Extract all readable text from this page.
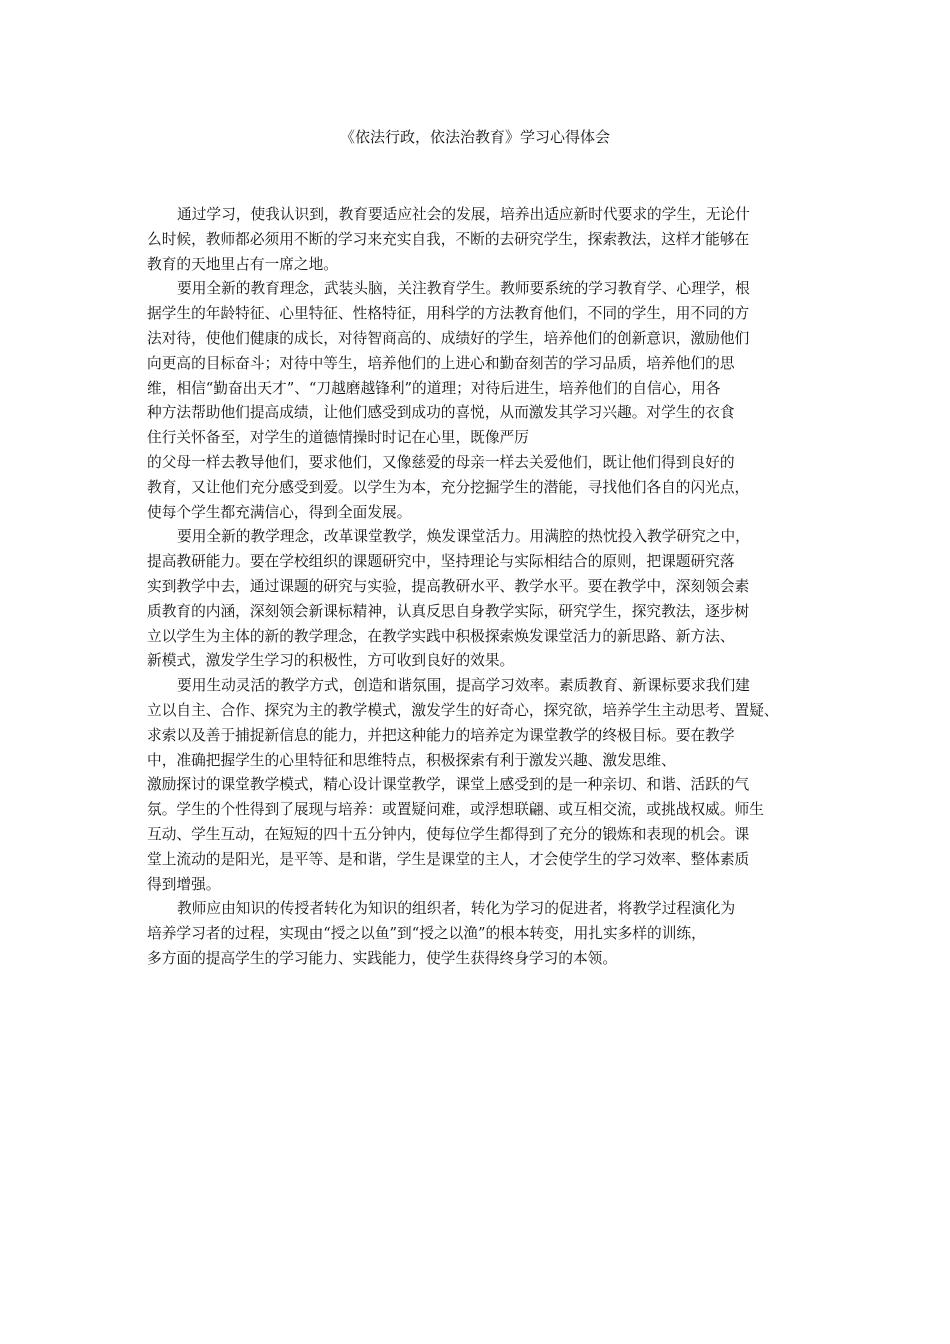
《依法行政，依法治教育》学习心得体会
通过学习，使我认识到，教育要适应社会的发展，培养出适应新时代要求的学生，无论什
么时候，教师都必须用不断的学习来充实自我，不断的去研究学生，探索教法，这样才能够在
教育的天地里占有一席之地。
要用全新的教育理念，武装头脑，关注教育学生。教师要系统的学习教育学、心理学，根
据学生的年龄特征、心里特征、性格特征，用科学的方法教育他们，不同的学生，用不同的方
法对待，使他们健康的成长，对待智商高的、成绩好的学生，培养他们的创新意识，激励他们
向更高的目标奋斗；对待中等生，培养他们的上进心和勤奋刻苦的学习品质，培养他们的思
维，相信“勤奋出天才”、“刀越磨越锋利”的道理；对待后进生，培养他们的自信心，用各
种方法帮助他们提高成绩，让他们感受到成功的喜悦，从而激发其学习兴趣。对学生的衣食
住行关怀备至，对学生的道德情操时时记在心里，既像严厉
的父母一样去教导他们，要求他们，又像慈爱的母亲一样去关爱他们，既让他们得到良好的
教育，又让他们充分感受到爱。以学生为本，充分挖掘学生的潜能，寻找他们各自的闪光点，
使每个学生都充满信心，得到全面发展。
要用全新的教学理念，改革课堂教学，焕发课堂活力。用满腔的热忱投入教学研究之中，
提高教研能力。要在学校组织的课题研究中，坚持理论与实际相结合的原则，把课题研究落
实到教学中去，通过课题的研究与实验，提高教研水平、教学水平。要在教学中，深刻领会素
质教育的内涵，深刻领会新课标精神，认真反思自身教学实际，研究学生，探究教法，逐步树
立以学生为主体的新的教学理念，在教学实践中积极探索焕发课堂活力的新思路、新方法、
新模式，激发学生学习的积极性，方可收到良好的效果。
要用生动灵活的教学方式，创造和谐氛围，提高学习效率。素质教育、新课标要求我们建
立以自主、合作、探究为主的教学模式，激发学生的好奇心，探究欲，培养学生主动思考、置疑、
求索以及善于捕捉新信息的能力，并把这种能力的培养定为课堂教学的终极目标。要在教学
中，准确把握学生的心里特征和思维特点，积极探索有利于激发兴趣、激发思维、
激励探讨的课堂教学模式，精心设计课堂教学，课堂上感受到的是一种亲切、和谐、活跃的气
氛。学生的个性得到了展现与培养：或置疑问难，或浮想联翩、或互相交流，或挑战权威。师生
互动、学生互动，在短短的四十五分钟内，使每位学生都得到了充分的锻炼和表现的机会。课
堂上流动的是阳光，是平等、是和谐，学生是课堂的主人，才会使学生的学习效率、整体素质
得到增强。
教师应由知识的传授者转化为知识的组织者，转化为学习的促进者，将教学过程演化为
培养学习者的过程，实现由“授之以鱼”到“授之以渔”的根本转变，用扎实多样的训练，
多方面的提高学生的学习能力、实践能力，使学生获得终身学习的本领。
